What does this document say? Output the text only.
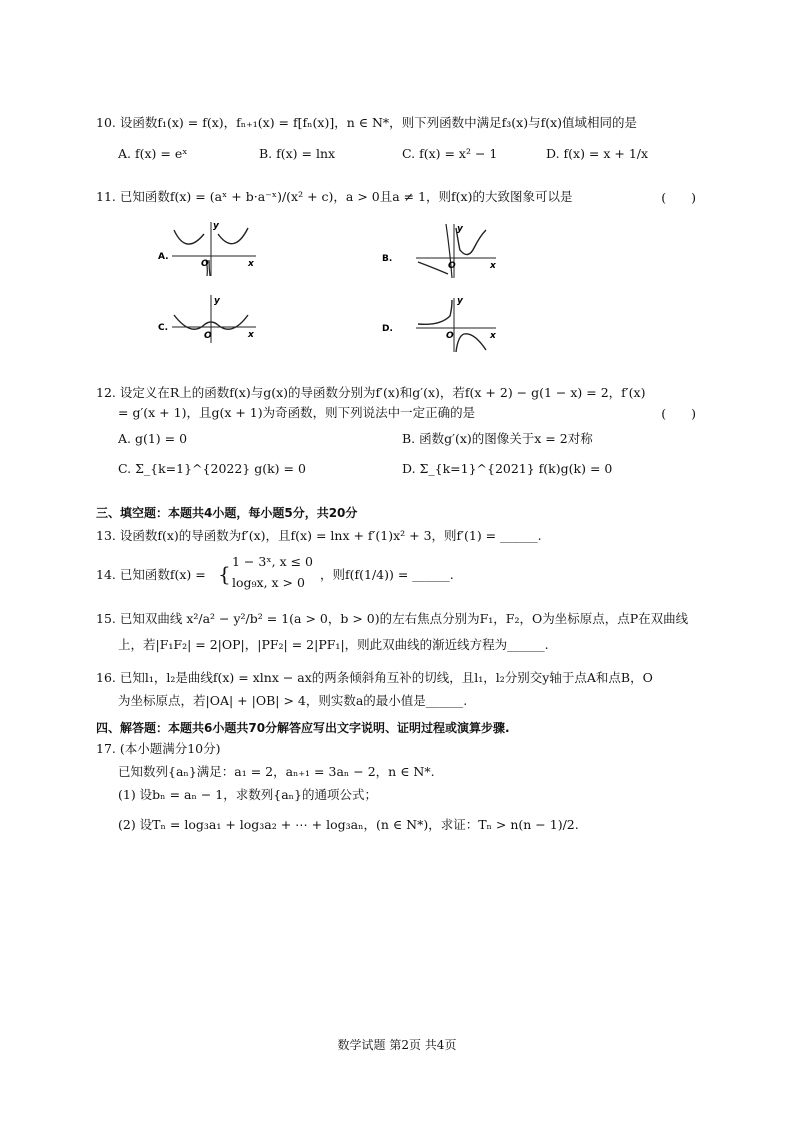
10. 设函数f₁(x) = f(x)，fₙ₊₁(x) = f[fₙ(x)]，n ∈ N*，则下列函数中满足f₃(x)与f(x)值域相同的是
A. f(x) = eˣ	B. f(x) = lnx	C. f(x) = x² − 1	D. f(x) = x + 1/x
11. 已知函数f(x) = (aˣ + b·a⁻ˣ)/(x² + c)，a > 0且a ≠ 1，则f(x)的大致图象可以是	(　　)
A.
O	x
y
B.
O	x
y
C.
O	x
y
D.
O	x
y
12. 设定义在R上的函数f(x)与g(x)的导函数分别为f′(x)和g′(x)，若f(x + 2) − g(1 − x) = 2，f′(x)
= g′(x + 1)，且g(x + 1)为奇函数，则下列说法中一定正确的是	(　　)
A. g(1) = 0	B. 函数g′(x)的图像关于x = 2对称
C. Σ_{k=1}^{2022} g(k) = 0	D. Σ_{k=1}^{2021} f(k)g(k) = 0
三、填空题：本题共4小题，每小题5分，共20分
13. 设函数f(x)的导函数为f′(x)，且f(x) = lnx + f′(1)x² + 3，则f′(1) = ______.
14. 已知函数f(x) = {
1 − 3ˣ, x ≤ 0
log₉x, x > 0
，则f(f(1/4)) = ______.
15. 已知双曲线 x²/a² − y²/b² = 1(a > 0，b > 0)的左右焦点分别为F₁，F₂，O为坐标原点，点P在双曲线
上，若|F₁F₂| = 2|OP|，|PF₂| = 2|PF₁|，则此双曲线的渐近线方程为______.
16. 已知l₁，l₂是曲线f(x) = xlnx − ax的两条倾斜角互补的切线，且l₁，l₂分别交y轴于点A和点B，O
为坐标原点，若|OA| + |OB| > 4，则实数a的最小值是______.
四、解答题：本题共6小题共70分解答应写出文字说明、证明过程或演算步骤.
17. (本小题满分10分)
已知数列{aₙ}满足：a₁ = 2，aₙ₊₁ = 3aₙ − 2，n ∈ N*.
(1) 设bₙ = aₙ − 1，求数列{aₙ}的通项公式；
(2) 设Tₙ = log₃a₁ + log₃a₂ + ⋯ + log₃aₙ，(n ∈ N*)，求证：Tₙ > n(n − 1)/2.
数学试题 第2页 共4页
